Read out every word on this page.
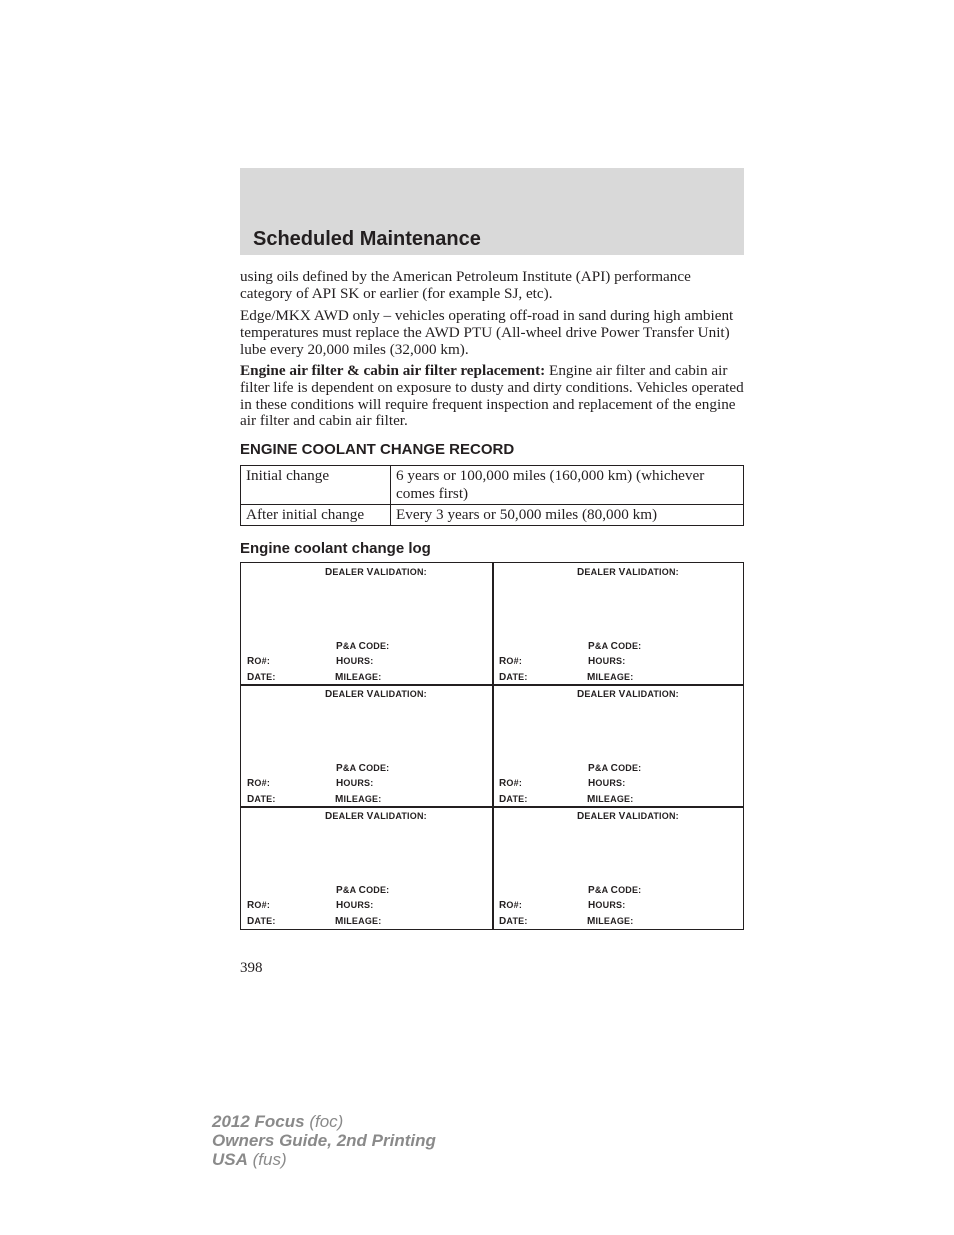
Scheduled Maintenance

using oils defined by the American Petroleum Institute (API) performance category of API SK or earlier (for example SJ, etc).

Edge/MKX AWD only – vehicles operating off-road in sand during high ambient temperatures must replace the AWD PTU (All-wheel drive Power Transfer Unit) lube every 20,000 miles (32,000 km).

Engine air filter & cabin air filter replacement: Engine air filter and cabin air filter life is dependent on exposure to dusty and dirty conditions. Vehicles operated in these conditions will require frequent inspection and replacement of the engine air filter and cabin air filter.

ENGINE COOLANT CHANGE RECORD
Initial change	6 years or 100,000 miles (160,000 km) (whichever comes first)
After initial change	Every 3 years or 50,000 miles (80,000 km)
Engine coolant change log
DEALER VALIDATION:
P&A CODE:
RO#:	HOURS:
DATE:	MILEAGE:
DEALER VALIDATION:
P&A CODE:
RO#:	HOURS:
DATE:	MILEAGE:
DEALER VALIDATION:
P&A CODE:
RO#:	HOURS:
DATE:	MILEAGE:
DEALER VALIDATION:
P&A CODE:
RO#:	HOURS:
DATE:	MILEAGE:
DEALER VALIDATION:
P&A CODE:
RO#:	HOURS:
DATE:	MILEAGE:
DEALER VALIDATION:
P&A CODE:
RO#:	HOURS:
DATE:	MILEAGE:
398
2012 Focus (foc)
Owners Guide, 2nd Printing
USA (fus)
